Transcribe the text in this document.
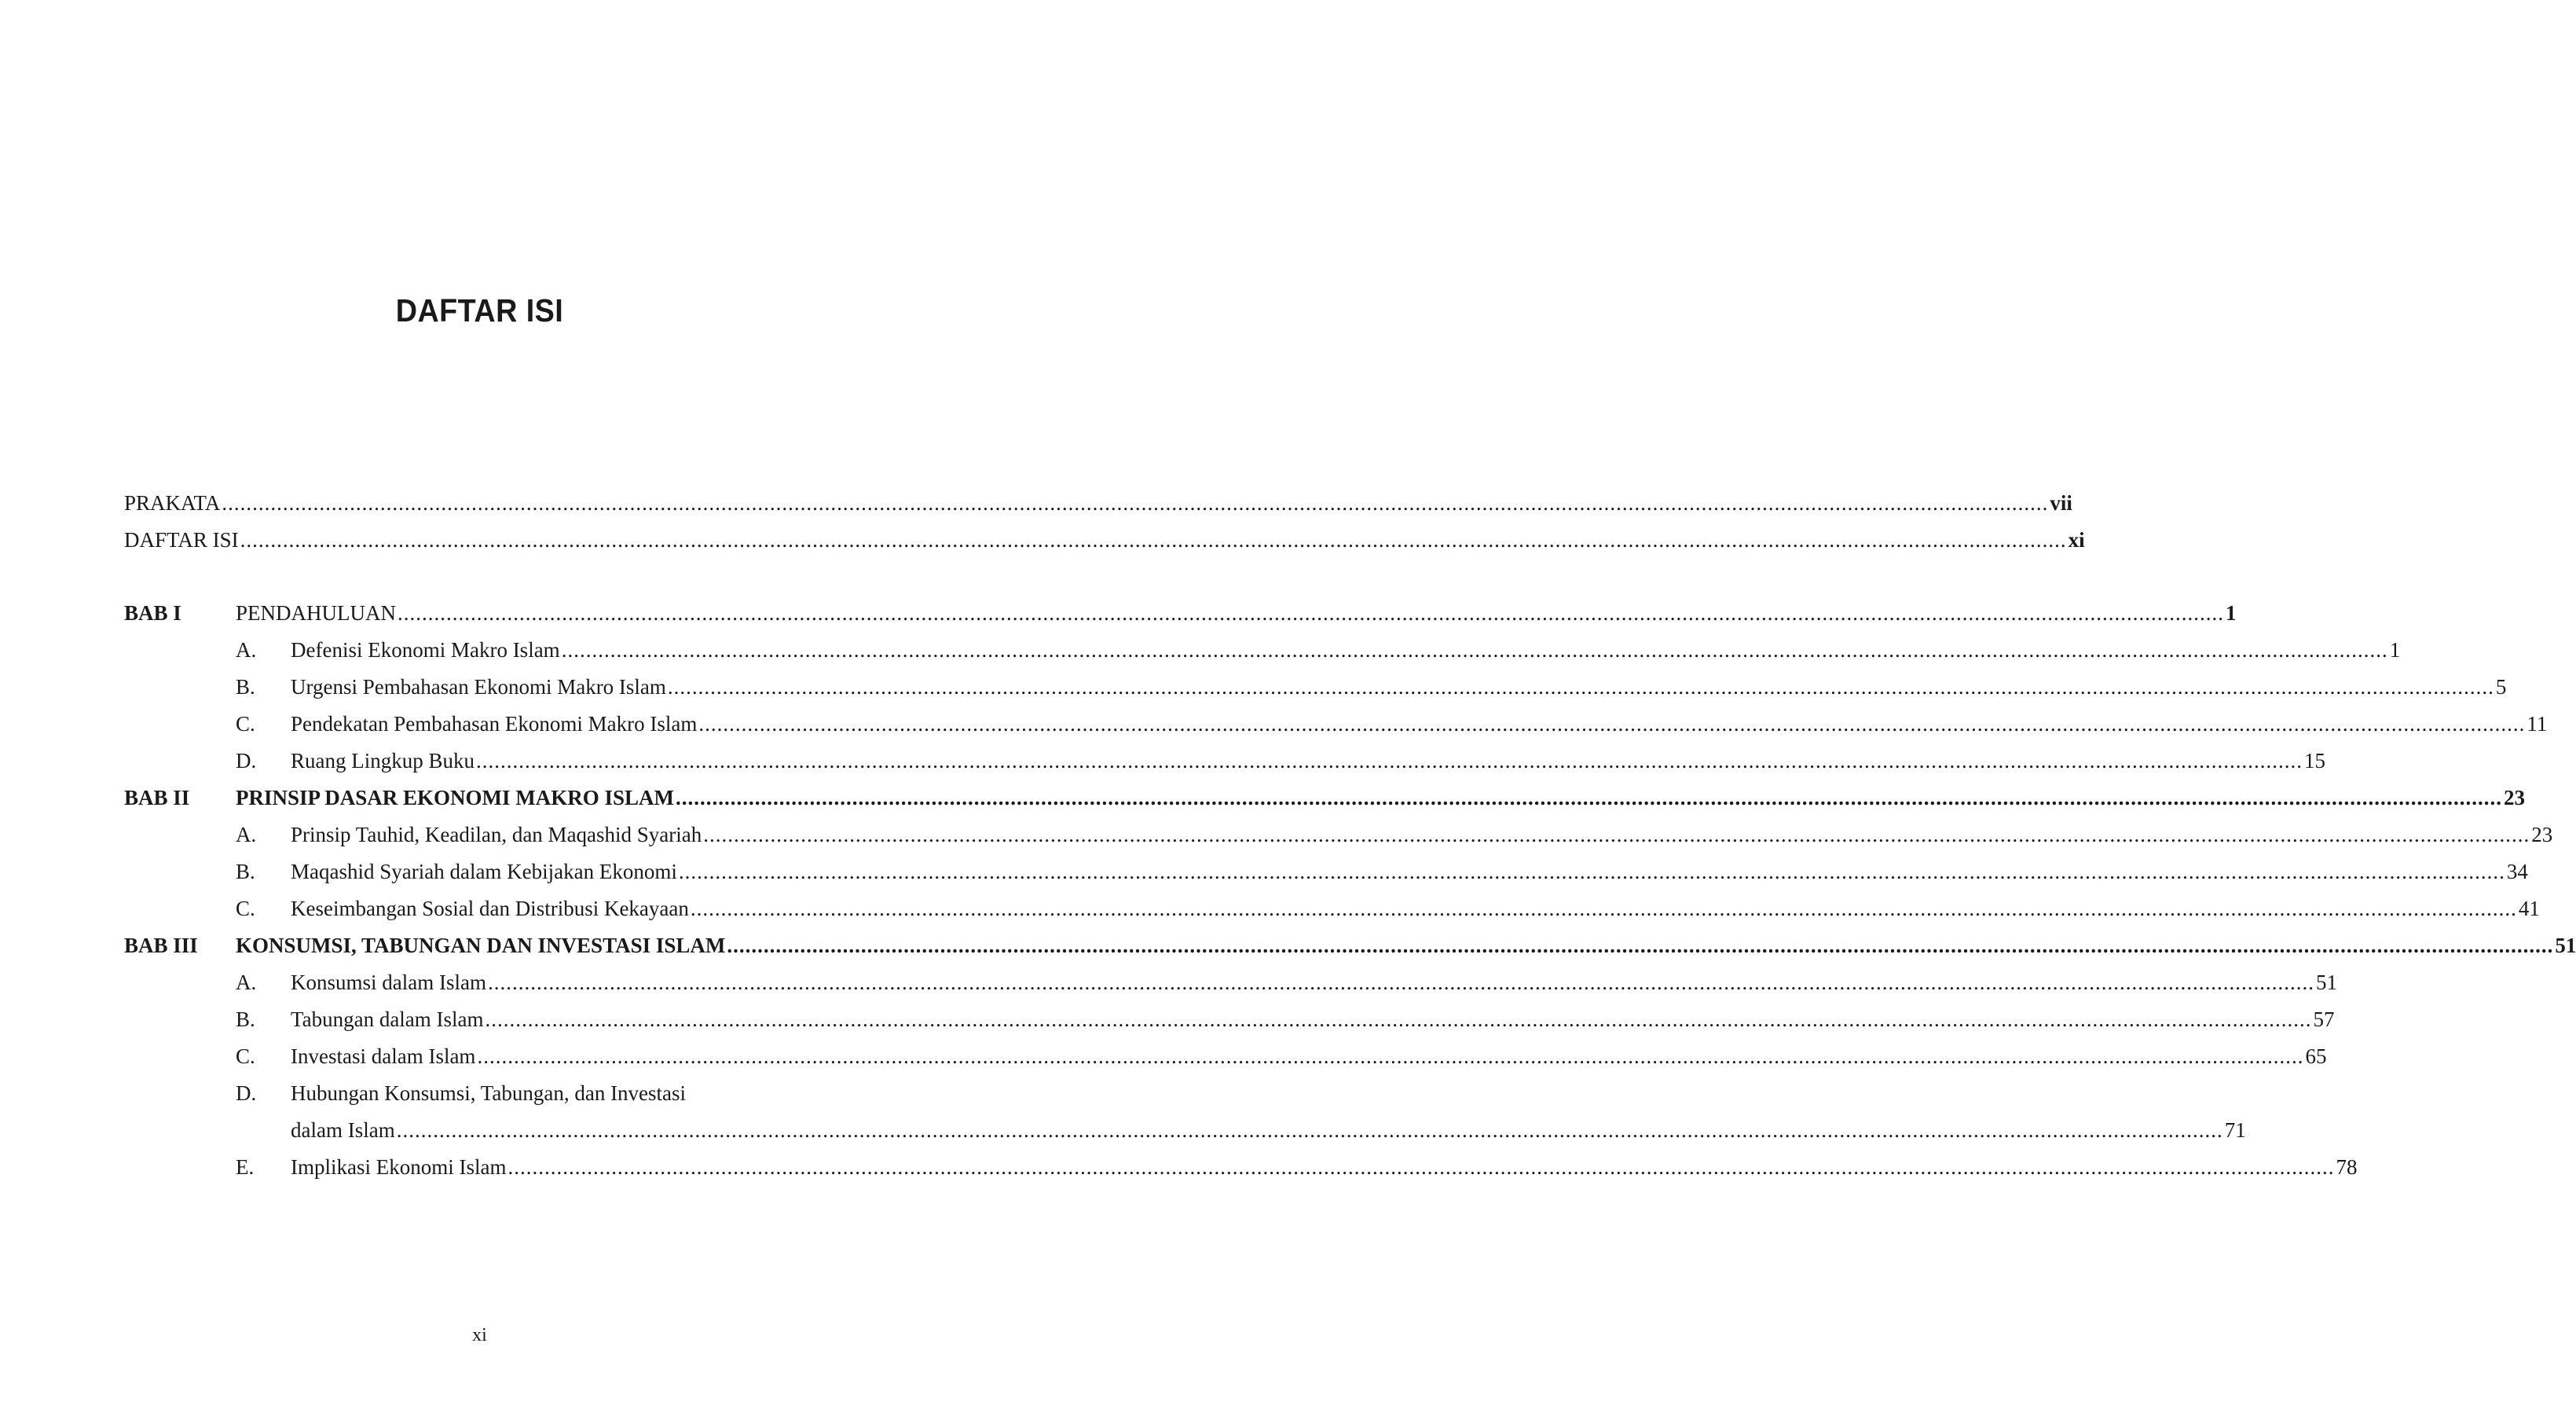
DAFTAR ISI
PRAKATA ............................................................................................................................................................................................................................................................................................................ vii
DAFTAR ISI ............................................................................................................................................................................................................................................................................................................ xi
BAB I	PENDAHULUAN ............................................................................................................................................................................................................................................................................................................ 1
A. Defenisi Ekonomi Makro Islam ............................................................................................................................................................................................................................................................................................................ 1
B. Urgensi Pembahasan Ekonomi Makro Islam ............................................................................................................................................................................................................................................................................................................ 5
C. Pendekatan Pembahasan Ekonomi Makro Islam ............................................................................................................................................................................................................................................................................................................ 11
D. Ruang Lingkup Buku ............................................................................................................................................................................................................................................................................................................ 15
BAB II PRINSIP DASAR EKONOMI MAKRO ISLAM ............................................................................................................................................................................................................................................................................................................ 23
A. Prinsip Tauhid, Keadilan, dan Maqashid Syariah ............................................................................................................................................................................................................................................................................................................ 23
B. Maqashid Syariah dalam Kebijakan Ekonomi ............................................................................................................................................................................................................................................................................................................ 34
C. Keseimbangan Sosial dan Distribusi Kekayaan ............................................................................................................................................................................................................................................................................................................ 41
BAB III KONSUMSI, TABUNGAN DAN INVESTASI ISLAM ............................................................................................................................................................................................................................................................................................................ 51
A. Konsumsi dalam Islam ............................................................................................................................................................................................................................................................................................................ 51
B. Tabungan dalam Islam ............................................................................................................................................................................................................................................................................................................ 57
C. Investasi dalam Islam ............................................................................................................................................................................................................................................................................................................ 65
D. Hubungan Konsumsi, Tabungan, dan Investasi
dalam Islam ............................................................................................................................................................................................................................................................................................................ 71
E. Implikasi Ekonomi Islam ............................................................................................................................................................................................................................................................................................................ 78
xi
